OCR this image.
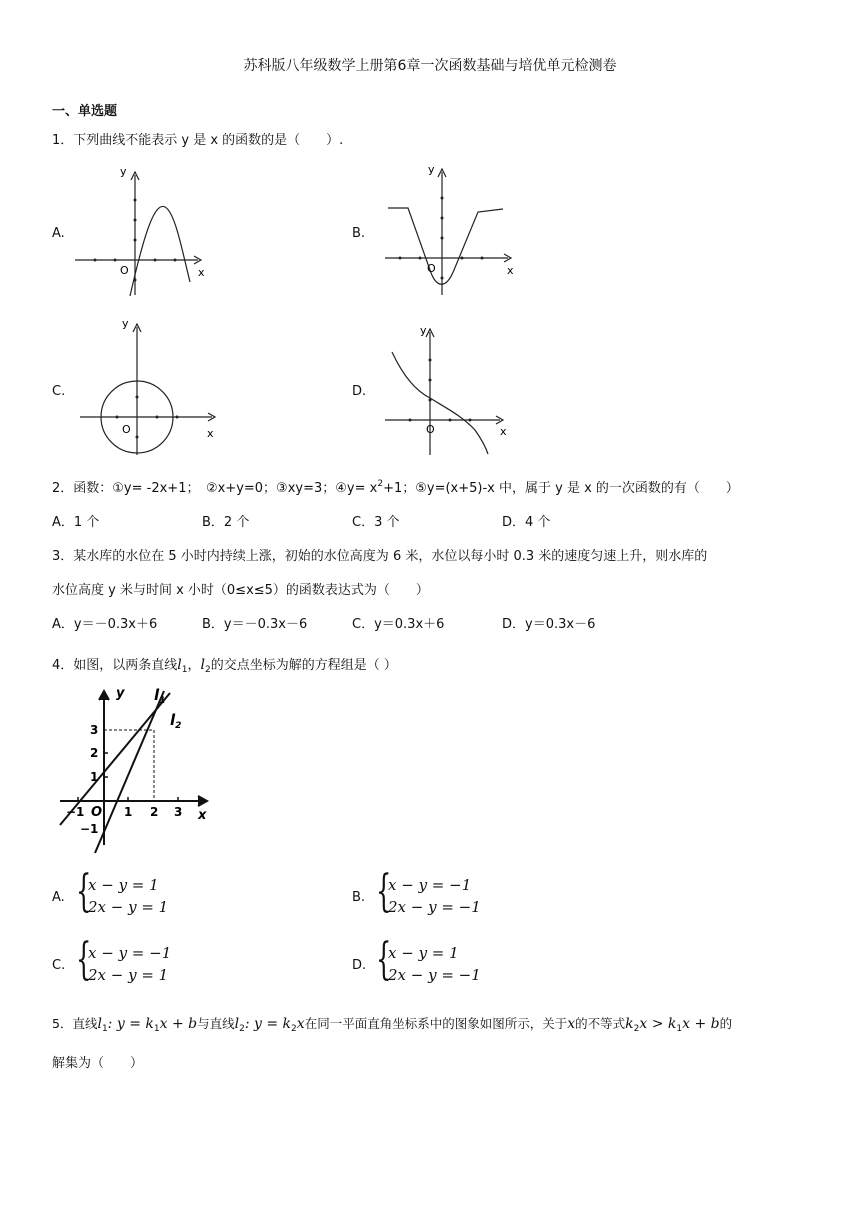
苏科版八年级数学上册第6章一次函数基础与培优单元检测卷
一、单选题
1．下列曲线不能表示 y 是 x 的函数的是（　　）.
A.
y
x
O
B.
y
x
O
C.
y
x
O
D.
y
x
O
2．函数：①y= -2x+1；　②x+y=0；③xy=3；④y= $x^2+1$；⑤y=(x+5)-x 中，属于 y 是 x 的一次函数的有（　　）
A．1 个	B．2 个	C．3 个	D．4 个
3．某水库的水位在 5 小时内持续上涨，初始的水位高度为 6 米，水位以每小时 0.3 米的速度匀速上升，则水库的
水位高度 y 米与时间 x 小时（0≤x≤5）的函数表达式为（　　）
A．y＝－0.3x＋6	B．y＝－0.3x－6	C．y＝0.3x＋6	D．y＝0.3x－6
4．如图，以两条直线$l_1$，$l_2$的交点坐标为解的方程组是（ ）
y
x
O
3
2
1
−1
−1	1 2 3
$l_1$
$l_2$
A. {
x − y = 1
2x − y = 1
B. {
x − y = −1
2x − y = −1
C. {
x − y = −1
2x − y = 1
D. {
x − y = 1
2x − y = −1
5．直线$l_1$: $y = k_1x + b$与直线$l_2$: $y = k_2x$在同一平面直角坐标系中的图象如图所示，关于x的不等式$k_2x > k_1x + b$的
解集为（　　）
